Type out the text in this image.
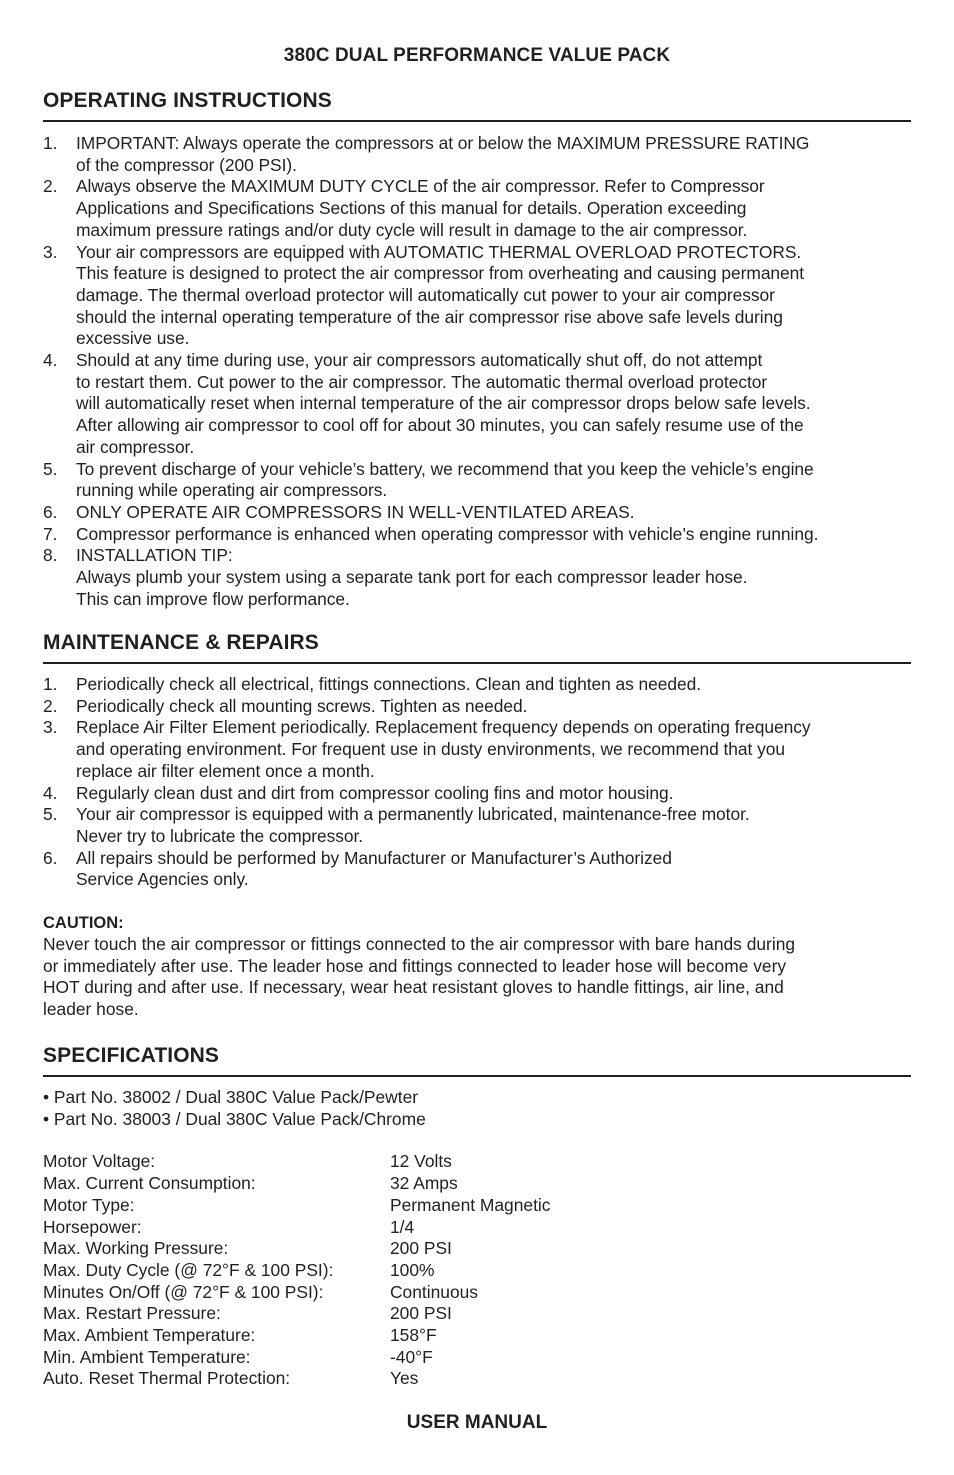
380C DUAL PERFORMANCE VALUE PACK
OPERATING INSTRUCTIONS
1. IMPORTANT: Always operate the compressors at or below the MAXIMUM PRESSURE RATING
of the compressor (200 PSI).
2. Always observe the MAXIMUM DUTY CYCLE of the air compressor. Refer to Compressor
Applications and Specifications Sections of this manual for details. Operation exceeding
maximum pressure ratings and/or duty cycle will result in damage to the air compressor.
3. Your air compressors are equipped with AUTOMATIC THERMAL OVERLOAD PROTECTORS.
This feature is designed to protect the air compressor from overheating and causing permanent
damage. The thermal overload protector will automatically cut power to your air compressor
should the internal operating temperature of the air compressor rise above safe levels during
excessive use.
4. Should at any time during use, your air compressors automatically shut off, do not attempt
to restart them. Cut power to the air compressor. The automatic thermal overload protector
will automatically reset when internal temperature of the air compressor drops below safe levels.
After allowing air compressor to cool off for about 30 minutes, you can safely resume use of the
air compressor.
5. To prevent discharge of your vehicle’s battery, we recommend that you keep the vehicle’s engine
running while operating air compressors.
6. ONLY OPERATE AIR COMPRESSORS IN WELL-VENTILATED AREAS.
7. Compressor performance is enhanced when operating compressor with vehicle’s engine running.
8. INSTALLATION TIP:
Always plumb your system using a separate tank port for each compressor leader hose.
This can improve flow performance.
MAINTENANCE & REPAIRS
1. Periodically check all electrical, fittings connections. Clean and tighten as needed.
2. Periodically check all mounting screws. Tighten as needed.
3. Replace Air Filter Element periodically. Replacement frequency depends on operating frequency
and operating environment. For frequent use in dusty environments, we recommend that you
replace air filter element once a month.
4. Regularly clean dust and dirt from compressor cooling fins and motor housing.
5. Your air compressor is equipped with a permanently lubricated, maintenance-free motor.
Never try to lubricate the compressor.
6. All repairs should be performed by Manufacturer or Manufacturer’s Authorized
Service Agencies only.
CAUTION:
Never touch the air compressor or fittings connected to the air compressor with bare hands during
or immediately after use. The leader hose and fittings connected to leader hose will become very
HOT during and after use. If necessary, wear heat resistant gloves to handle fittings, air line, and
leader hose.
SPECIFICATIONS
• Part No. 38002 / Dual 380C Value Pack/Pewter
• Part No. 38003 / Dual 380C Value Pack/Chrome
Motor Voltage:	12 Volts
Max. Current Consumption:	32 Amps
Motor Type:	Permanent Magnetic
Horsepower:	1/4
Max. Working Pressure:	200 PSI
Max. Duty Cycle (@ 72°F & 100 PSI):	100%
Minutes On/Off (@ 72°F & 100 PSI):	Continuous
Max. Restart Pressure:	200 PSI
Max. Ambient Temperature:	158°F
Min. Ambient Temperature:	-40°F
Auto. Reset Thermal Protection:	Yes
USER MANUAL
